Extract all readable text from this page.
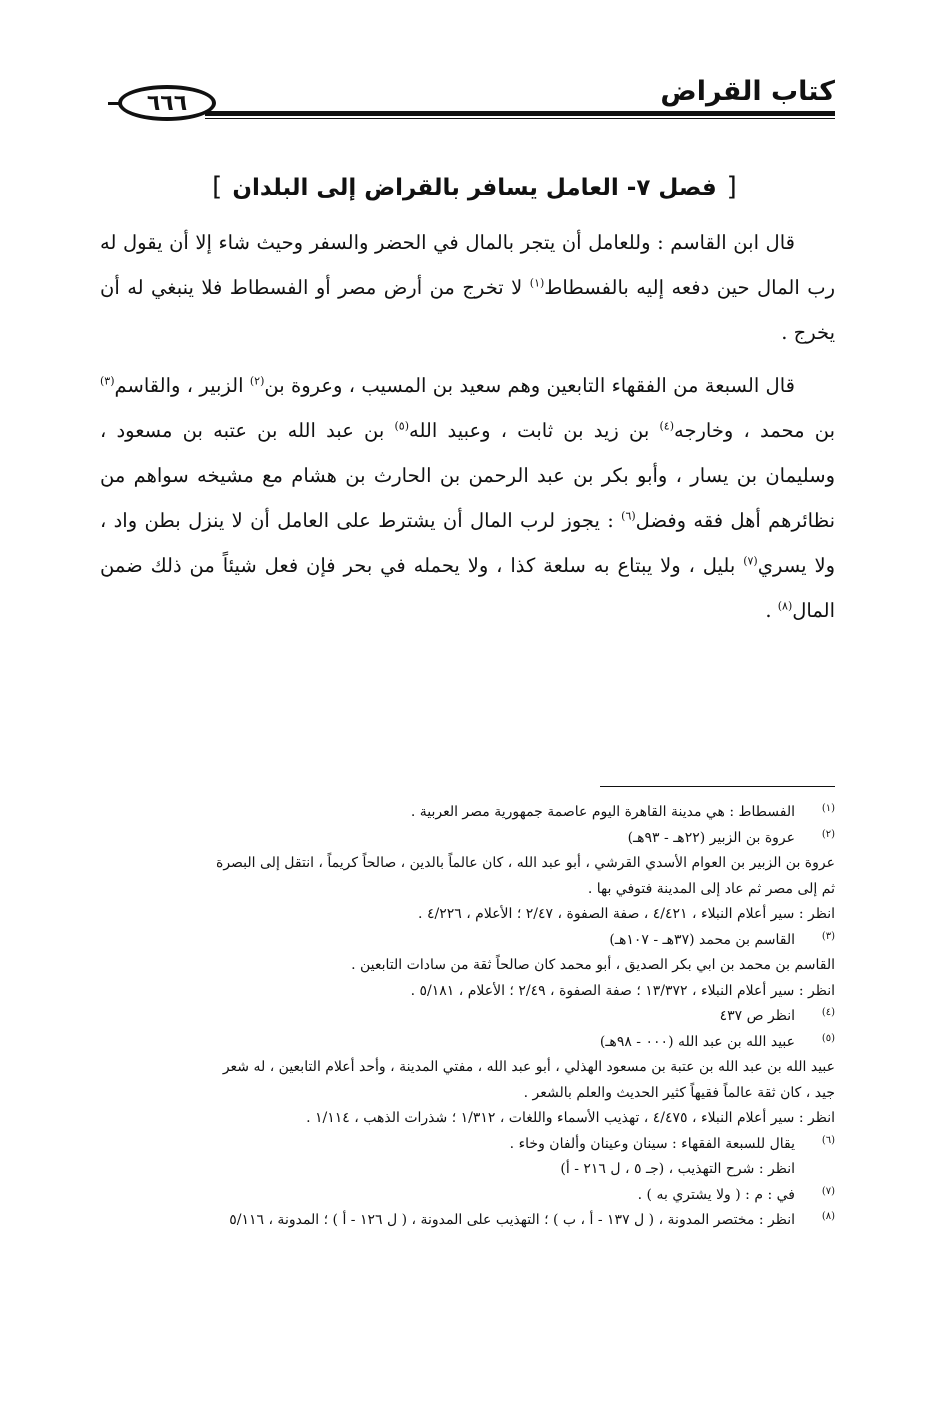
كتاب القراض
٦٦٦
[فصل ٧- العامل يسافر بالقراض إلى البلدان]

قال ابن القاسم : وللعامل أن يتجر بالمال في الحضر والسفر وحيث شاء إلا أن يقول له رب المال حين دفعه إليه بالفسطاط$^{(١)}$ لا تخرج من أرض مصر أو الفسطاط فلا ينبغي له أن يخرج .

قال السبعة من الفقهاء التابعين وهم سعيد بن المسيب ، وعروة بن$^{(٢)}$ الزبير ، والقاسم$^{(٣)}$ بن محمد ، وخارجه$^{(٤)}$ بن زيد بن ثابت ، وعبيد الله$^{(٥)}$ بن عبد الله بن عتبه بن مسعود ، وسليمان بن يسار ، وأبو بكر بن عبد الرحمن بن الحارث بن هشام مع مشيخه سواهم من نظائرهم أهل فقه وفضل$^{(٦)}$ : يجوز لرب المال أن يشترط على العامل أن لا ينزل بطن واد ، ولا يسري$^{(٧)}$ بليل ، ولا يبتاع به سلعة كذا ، ولا يحمله في بحر فإن فعل شيئاً من ذلك ضمن المال$^{(٨)}$ .

(١)
الفسطاط : هي مدينة القاهرة اليوم عاصمة جمهورية مصر العربية .
(٢)
عروة بن الزبير (٢٢هـ - ٩٣هـ)
عروة بن الزبير بن العوام الأسدي القرشي ، أبو عبد الله ، كان عالماً بالدين ، صالحاً كريماً ، انتقل إلى البصرة
ثم إلى مصر ثم عاد إلى المدينة فتوفي بها .
انظر : سير أعلام النبلاء ، ٤/٤٢١ ، صفة الصفوة ، ٢/٤٧ ؛ الأعلام ، ٤/٢٢٦ .
(٣)
القاسم بن محمد (٣٧هـ - ١٠٧هـ)
القاسم بن محمد بن ابي بكر الصديق ، أبو محمد كان صالحاً ثقة من سادات التابعين .
انظر : سير أعلام النبلاء ، ١٣/٣٧٢ ؛ صفة الصفوة ، ٢/٤٩ ؛ الأعلام ، ٥/١٨١ .
(٤)
انظر ص ٤٣٧
(٥)
عبيد الله بن عبد الله (٠٠٠ - ٩٨هـ)
عبيد الله بن عبد الله بن عتبة بن مسعود الهذلي ، أبو عبد الله ، مفتي المدينة ، وأحد أعلام التابعين ، له شعر
جيد ، كان ثقة عالماً فقيهاً كثير الحديث والعلم بالشعر .
انظر : سير أعلام النبلاء ، ٤/٤٧٥ ، تهذيب الأسماء واللغات ، ١/٣١٢ ؛ شذرات الذهب ، ١/١١٤ .
(٦)
يقال للسبعة الفقهاء : سينان وعينان وألفان وخاء .
انظر : شرح التهذيب ، (جـ ٥ ، ل ٢١٦ - أ)
(٧)
في : م : ( ولا يشتري به ) .
(٨)
انظر : مختصر المدونة ، ( ل ١٣٧ - أ ، ب ) ؛ التهذيب على المدونة ، ( ل ١٢٦ - أ ) ؛ المدونة ، ٥/١١٦
